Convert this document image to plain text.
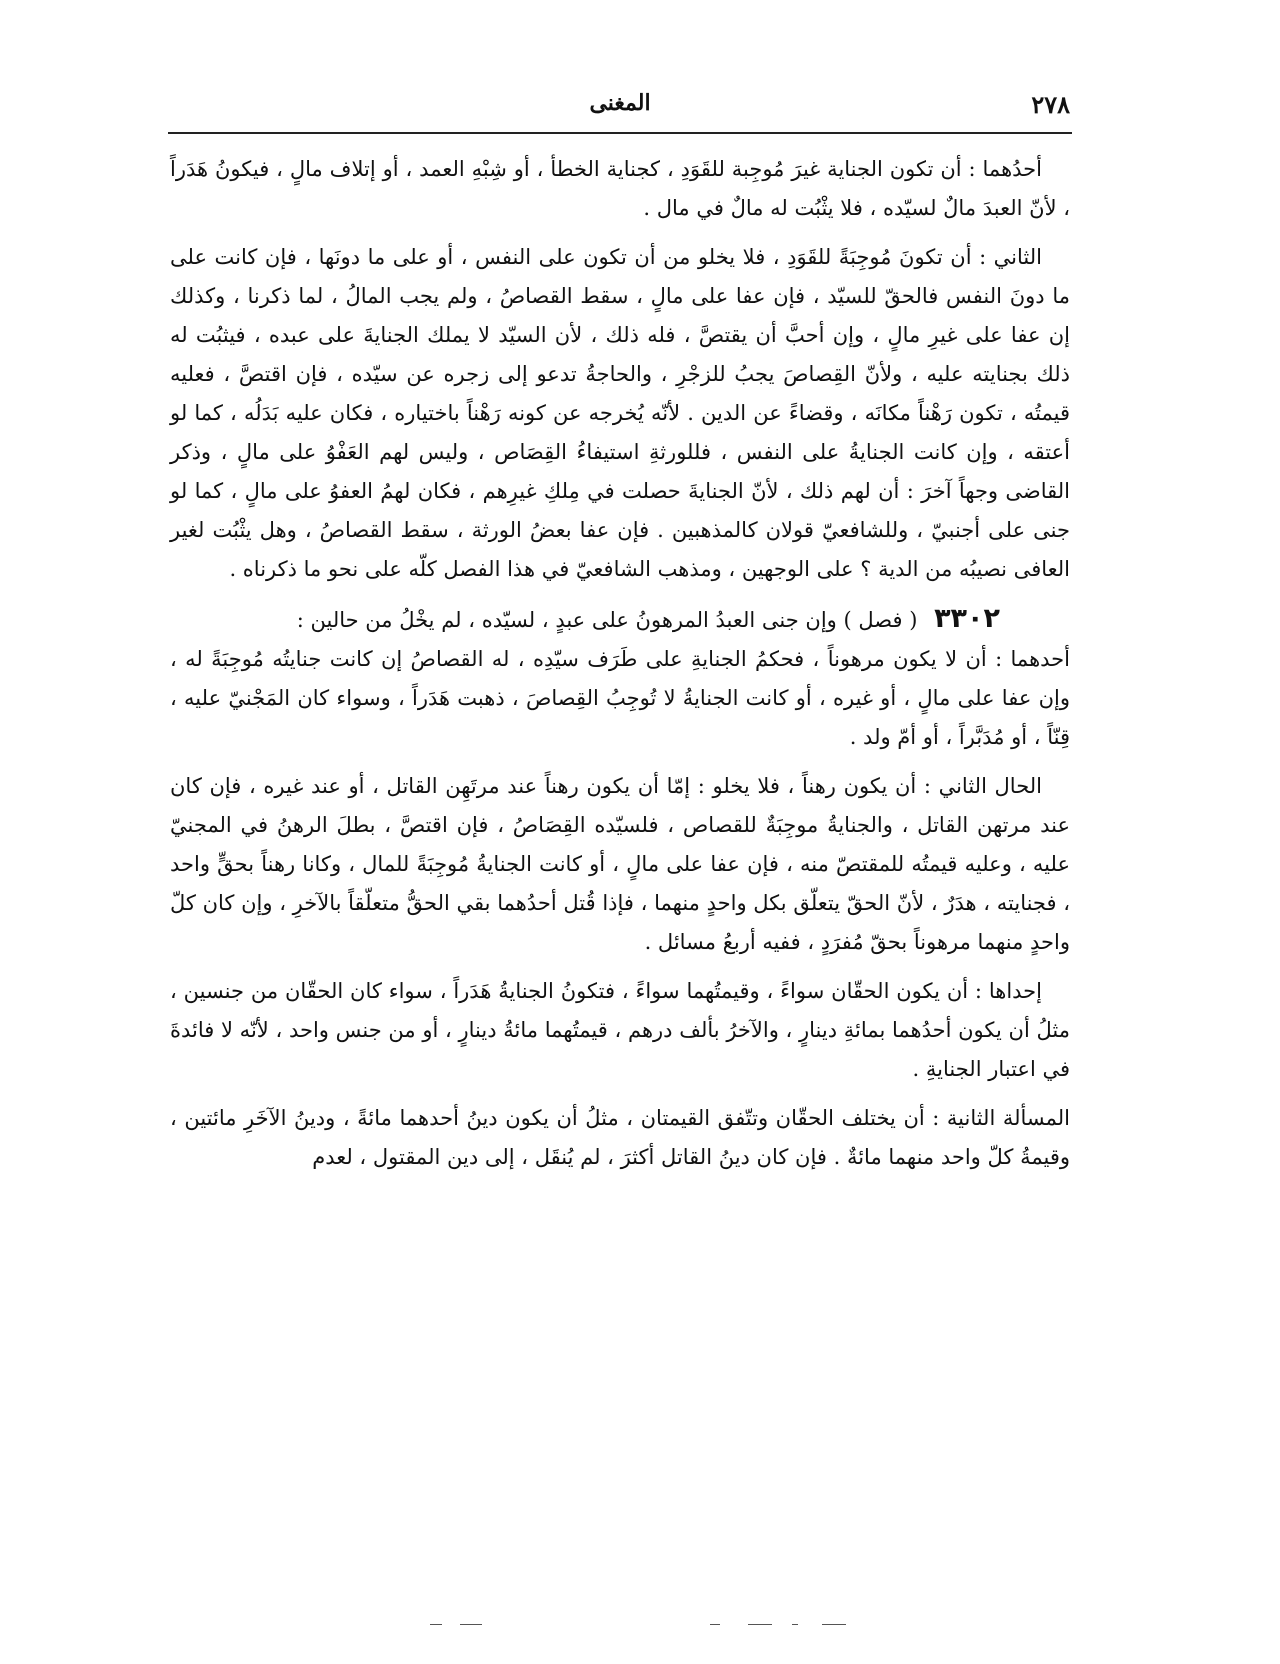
٢٧٨
المغنى

أحدُهما : أن تكون الجناية غيرَ مُوجِبة للقَوَدِ ، كجناية الخطأ ، أو شِبْهِ العمد ، أو إتلاف مالٍ ، فيكونُ هَدَراً ، لأنّ العبدَ مالٌ لسيّده ، فلا يثْبُت له مالٌ في مال .

الثاني : أن تكونَ مُوجِبَةً للقَوَدِ ، فلا يخلو من أن تكون على النفس ، أو على ما دونَها ، فإن كانت على ما دونَ النفس فالحقّ للسيّد ، فإن عفا على مالٍ ، سقط القصاصُ ، ولم يجب المالُ ، لما ذكرنا ، وكذلك إن عفا على غيرِ مالٍ ، وإن أحبَّ أن يقتصَّ ، فله ذلك ، لأن السيّد لا يملك الجنايةَ على عبده ، فيثبُت له ذلك بجنايته عليه ، ولأنّ القِصاصَ يجبُ للزجْرِ ، والحاجةُ تدعو إلى زجره عن سيّده ، فإن اقتصَّ ، فعليه قيمتُه ، تكون رَهْناً مكانَه ، وقضاءً عن الدين . لأنّه يُخرجه عن كونه رَهْناً باختياره ، فكان عليه بَدَلُه ، كما لو أعتقه ، وإن كانت الجنايةُ على النفس ، فللورثةِ استيفاءُ القِصَاص ، وليس لهم العَفْوُ على مالٍ ، وذكر القاضى وجهاً آخرَ : أن لهم ذلك ، لأنّ الجنايةَ حصلت في مِلكِ غيرِهم ، فكان لهمُ العفوُ على مالٍ ، كما لو جنى على أجنبيّ ، وللشافعيّ قولان كالمذهبين . فإن عفا بعضُ الورثة ، سقط القصاصُ ، وهل يثْبُت لغير العافى نصيبُه من الدية ؟ على الوجهين ، ومذهب الشافعيّ في هذا الفصل كلّه على نحو ما ذكرناه .

٣٣٠٢ ( فصل ) وإن جنى العبدُ المرهونُ على عبدٍ ، لسيّده ، لم يخْلُ من حالين :

أحدهما : أن لا يكون مرهوناً ، فحكمُ الجنايةِ على طَرَف سيّدِه ، له القصاصُ إن كانت جنايتُه مُوجِبَةً له ، وإن عفا على مالٍ ، أو غيره ، أو كانت الجنايةُ لا تُوجِبُ القِصاصَ ، ذهبت هَدَراً ، وسواء كان المَجْنيّ عليه ، قِنّاً ، أو مُدَبَّراً ، أو أمّ ولد .

الحال الثاني : أن يكون رهناً ، فلا يخلو : إمّا أن يكون رهناً عند مرتَهِن القاتل ، أو عند غيره ، فإن كان عند مرتهن القاتل ، والجنايةُ موجِبَةٌ للقصاص ، فلسيّده القِصَاصُ ، فإن اقتصَّ ، بطلَ الرهنُ في المجنيّ عليه ، وعليه قيمتُه للمقتصّ منه ، فإن عفا على مالٍ ، أو كانت الجنايةُ مُوجِبَةً للمال ، وكانا رهناً بحقٍّ واحد ، فجنايته ، هدَرٌ ، لأنّ الحقّ يتعلّق بكل واحدٍ منهما ، فإذا قُتل أحدُهما بقي الحقُّ متعلّقاً بالآخرِ ، وإن كان كلّ واحدٍ منهما مرهوناً بحقّ مُفرَدٍ ، ففيه أربعُ مسائل .

إحداها : أن يكون الحقّان سواءً ، وقيمتُهما سواءً ، فتكونُ الجنايةُ هَدَراً ، سواء كان الحقّان من جنسين ، مثلُ أن يكون أحدُهما بمائةِ دينارٍ ، والآخرُ بألف درهم ، قيمتُهما مائةُ دينارٍ ، أو من جنس واحد ، لأنّه لا فائدةَ في اعتبار الجنايةِ .

المسألة الثانية : أن يختلف الحقّان وتتّفق القيمتان ، مثلُ أن يكون دينُ أحدهما مائةً ، ودينُ الآخَرِ مائتين ، وقيمةُ كلّ واحد منهما مائةٌ . فإن كان دينُ القاتل أكثرَ ، لم يُنقَل ، إلى دين المقتول ، لعدم
